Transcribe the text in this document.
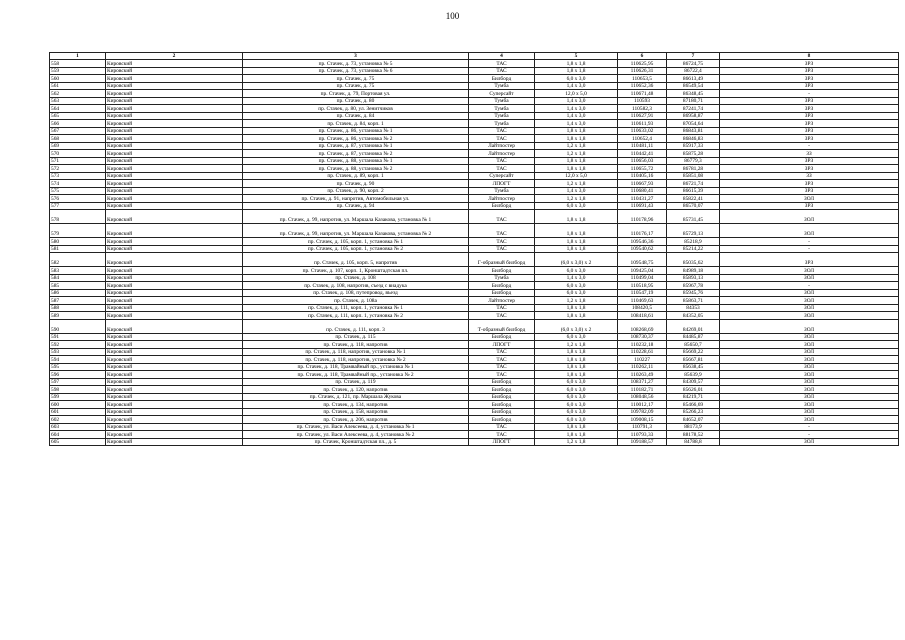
100
1	2	3	4	5	6	7	8
558	Кировский	пр. Стачек, д. 73, установка № 5	ТАС	1,8 x 1,8	110625,95	86724,75	ЗРЗ
559	Кировский	пр. Стачек, д. 73, установка № 6	ТАС	1,8 x 1,8	110626,31	86722,4	ЗРЗ
560	Кировский	пр. Стачек, д. 75	Билборд	6,0 x 3,0	110653,5	86613,49	ЗРЗ
561	Кировский	пр. Стачек, д. 75	Тумба	1,4 x 3,0	110652,36	86549,54	ЗРЗ
562	Кировский	пр. Стачек, д. 79, Портовая ул.	Суперсайт	12,0 x 5,0	110671,48	86348,45	-
563	Кировский	пр. Стачек, д. 80	Тумба	1,4 x 3,0	110593	87180,71	ЗРЗ
564	Кировский	пр. Стачек, д. 80, ул. Зенитчиков	Тумба	1,4 x 3,0	110582,3	87241,74	ЗРЗ
565	Кировский	пр. Стачек, д. 84	Тумба	1,4 x 3,0	110627,91	86958,87	ЗРЗ
566	Кировский	пр. Стачек, д. 84, корп. 1	Тумба	1,4 x 3,0	110611,93	87054,64	ЗРЗ
567	Кировский	пр. Стачек, д. 86, установка № 1	ТАС	1,8 x 1,8	110633,02	86843,81	ЗРЗ
568	Кировский	пр. Стачек, д. 86, установка № 2	ТАС	1,8 x 1,8	110652,4	86846,83	ЗРЗ
569	Кировский	пр. Стачек, д. 87, установка № 1	Лайтпостер	1,2 x 1,8	110481,11	85917,33	-
570	Кировский	пр. Стачек, д. 87, установка № 2	Лайтпостер	1,2 x 1,8	110442,41	85875,28	ЗЗ
571	Кировский	пр. Стачек, д. 88, установка № 1	ТАС	1,8 x 1,8	110656,03	86779,3	ЗРЗ
572	Кировский	пр. Стачек, д. 88, установка № 2	ТАС	1,8 x 1,8	110655,72	86781,28	ЗРЗ
573	Кировский	пр. Стачек, д. 89, корп. 1	Суперсайт	12,0 x 5,0	110405,16	85851,08	ЗЗ
574	Кировский	пр. Стачек, д. 90	ЛПОГТ	1,2 x 1,8	110667,93	86721,74	ЗРЗ
575	Кировский	пр. Стачек, д. 90, корп. 2	Тумба	1,4 x 3,0	110680,41	86615,39	ЗРЗ
576	Кировский	пр. Стачек, д. 91, напротив, Автомобильная ул.	Лайтпостер	1,2 x 1,8	110431,27	85822,41	ЗОЛ
577	Кировский	пр. Стачек, д. 94	Билборд	6,0 x 3,0	110691,43	86570,07	ЗРЗ
578	Кировский	пр. Стачек, д. 99, напротив, ул. Маршала Казакова, установка № 1	ТАС	1,8 x 1,8	110178,96	85731,45	ЗОЛ
579	Кировский	пр. Стачек, д. 99, напротив, ул. Маршала Казакова, установка № 2	ТАС	1,8 x 1,8	110176,17	85729,13	ЗОЛ
580	Кировский	пр. Стачек, д. 105, корп. 1, установка № 1	ТАС	1,8 x 1,8	109546,36	85218,9	-
581	Кировский	пр. Стачек, д. 105, корп. 1, установка № 2	ТАС	1,8 x 1,8	109540,62	85214,22	-
582	Кировский	пр. Стачек, д. 105, корп. 5, напротив	Г-образный билборд	(6,0 x 3,0) x 2	109548,75	85035,62	ЗРЗ
583	Кировский	пр. Стачек, д. 107, корп. 1, Кронштадтская пл.	Билборд	6,0 x 3,0	109425,04	84989,18	ЗОЛ
584	Кировский	пр. Стачек, д. 108	Тумба	1,4 x 3,0	110499,04	85893,13	ЗОЛ
585	Кировский	пр. Стачек, д. 108, напротив, съезд с виадука	Билборд	6,0 x 3,0	110518,95	85967,78	-
586	Кировский	пр. Стачек, д. 108, путепровод, въезд	Билборд	6,0 x 3,0	110547,19	85945,76	ЗОЛ
587	Кировский	пр. Стачек, д. 108а	Лайтпостер	1,2 x 1,8	110469,63	85863,71	ЗОЛ
588	Кировский	пр. Стачек, д. 111, корп. 1, установка № 1	ТАС	1,8 x 1,8	108420,5	84353	ЗОЛ
589	Кировский	пр. Стачек, д. 111, корп. 1, установка № 2	ТАС	1,8 x 1,8	108418,61	84352,05	ЗОЛ
590	Кировский	пр. Стачек, д. 111, корп. 3	Т-образный билборд	(6,0 x 3,0) x 2	108268,69	84269,01	ЗОЛ
591	Кировский	пр. Стачек, д. 115	Билборд	6,0 x 3,0	108730,37	84485,87	ЗОЛ
592	Кировский	пр. Стачек, д. 118, напротив	ЛПОГТ	1,2 x 1,8	110232,18	85650,7	ЗОЛ
593	Кировский	пр. Стачек, д. 118, напротив, установка № 1	ТАС	1,8 x 1,8	110228,61	85669,22	ЗОЛ
594	Кировский	пр. Стачек, д. 118, напротив, установка № 2	ТАС	1,8 x 1,8	110227	85667,81	ЗОЛ
595	Кировский	пр. Стачек, д. 118, Трамвайный пр., установка № 1	ТАС	1,8 x 1,8	110262,11	85638,45	ЗОЛ
596	Кировский	пр. Стачек, д. 118, Трамвайный пр., установка № 2	ТАС	1,8 x 1,8	110263,49	85639,9	ЗОЛ
597	Кировский	пр. Стачек, д. 119	Билборд	6,0 x 3,0	108371,27	84309,57	ЗОЛ
598	Кировский	пр. Стачек, д. 120, напротив	Билборд	6,0 x 3,0	110182,71	85626,01	ЗОЛ
599	Кировский	пр. Стачек, д. 121, пр. Маршала Жукова	Билборд	6,0 x 3,0	108048,56	84219,71	ЗОЛ
600	Кировский	пр. Стачек, д. 134, напротив	Билборд	6,0 x 3,0	110012,17	85466,69	ЗОЛ
601	Кировский	пр. Стачек, д. 158, напротив	Билборд	6,0 x 3,0	109782,09	85266,23	ЗОЛ
602	Кировский	пр. Стачек, д. 206, напротив	Билборд	6,0 x 3,0	109008,15	84652,07	ЗОЛ
603	Кировский	пр. Стачек, ул. Васи Алексеева, д. 4, установка № 1	ТАС	1,8 x 1,8	110791,3	88173,9	-
604	Кировский	пр. Стачек, ул. Васи Алексеева, д. 4, установка № 2	ТАС	1,8 x 1,8	110793,33	88178,52	-
605	Кировский	пр. Стачек, Кронштадтская пл., д. 5	ЛПОГТ	1,2 x 1,8	109188,57	84788,8	ЗОЛ
